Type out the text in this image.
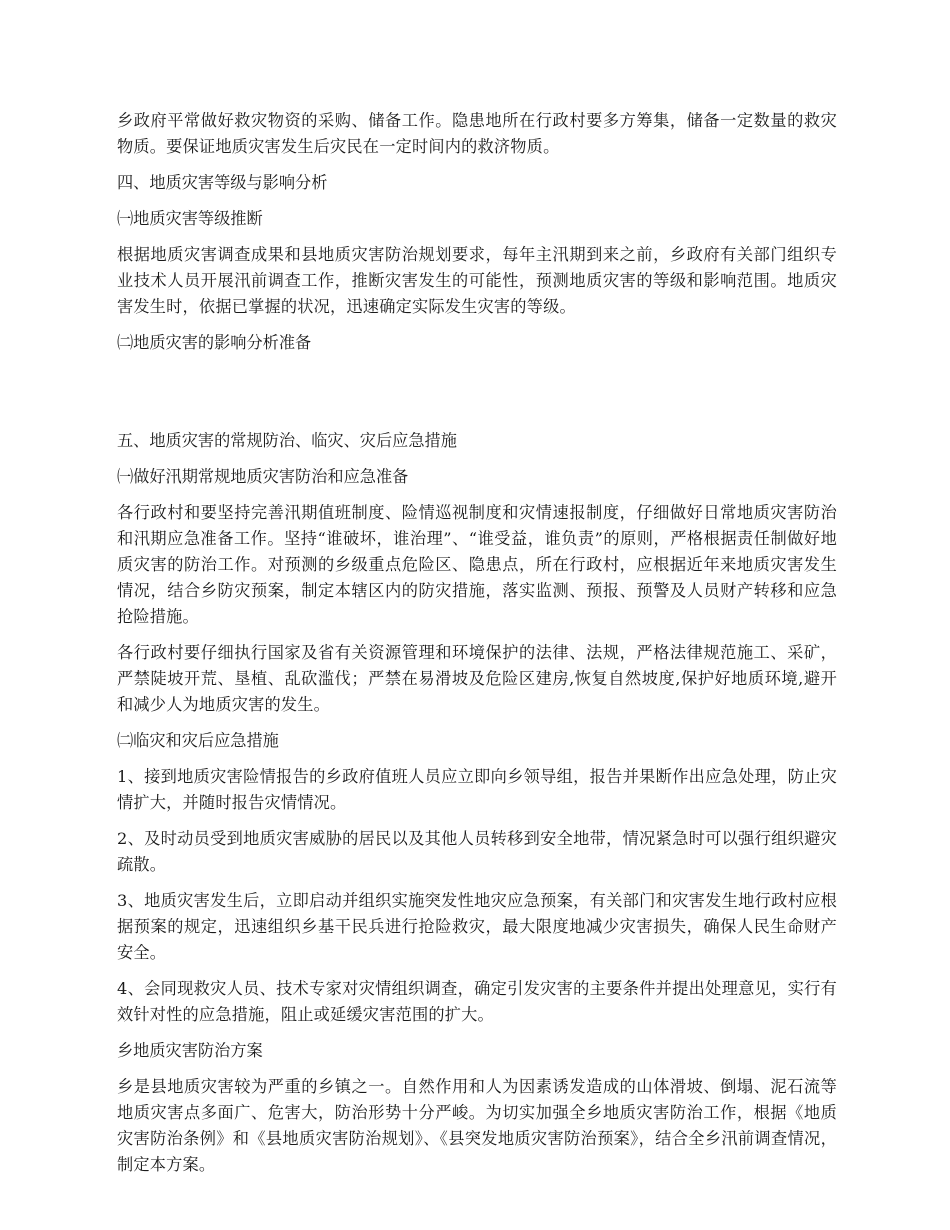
乡政府平常做好救灾物资的采购、储备工作。隐患地所在行政村要多方筹集，储备一定数量的救灾物质。要保证地质灾害发生后灾民在一定时间内的救济物质。

四、地质灾害等级与影响分析

㈠地质灾害等级推断

根据地质灾害调查成果和县地质灾害防治规划要求，每年主汛期到来之前，乡政府有关部门组织专业技术人员开展汛前调查工作，推断灾害发生的可能性，预测地质灾害的等级和影响范围。地质灾害发生时，依据已掌握的状况，迅速确定实际发生灾害的等级。

㈡地质灾害的影响分析准备

五、地质灾害的常规防治、临灾、灾后应急措施

㈠做好汛期常规地质灾害防治和应急准备

各行政村和要坚持完善汛期值班制度、险情巡视制度和灾情速报制度，仔细做好日常地质灾害防治和汛期应急准备工作。坚持“谁破坏，谁治理”、“谁受益，谁负责”的原则，严格根据责任制做好地质灾害的防治工作。对预测的乡级重点危险区、隐患点，所在行政村，应根据近年来地质灾害发生情况，结合乡防灾预案，制定本辖区内的防灾措施，落实监测、预报、预警及人员财产转移和应急抢险措施。

各行政村要仔细执行国家及省有关资源管理和环境保护的法律、法规，严格法律规范施工、采矿，严禁陡坡开荒、垦植、乱砍滥伐；严禁在易滑坡及危险区建房,恢复自然坡度,保护好地质环境,避开和减少人为地质灾害的发生。

㈡临灾和灾后应急措施

1、接到地质灾害险情报告的乡政府值班人员应立即向乡领导组，报告并果断作出应急处理，防止灾情扩大，并随时报告灾情情况。

2、及时动员受到地质灾害威胁的居民以及其他人员转移到安全地带，情况紧急时可以强行组织避灾疏散。

3、地质灾害发生后，立即启动并组织实施突发性地灾应急预案，有关部门和灾害发生地行政村应根据预案的规定，迅速组织乡基干民兵进行抢险救灾，最大限度地减少灾害损失，确保人民生命财产安全。

4、会同现救灾人员、技术专家对灾情组织调查，确定引发灾害的主要条件并提出处理意见，实行有效针对性的应急措施，阻止或延缓灾害范围的扩大。

乡地质灾害防治方案

乡是县地质灾害较为严重的乡镇之一。自然作用和人为因素诱发造成的山体滑坡、倒塌、泥石流等地质灾害点多面广、危害大，防治形势十分严峻。为切实加强全乡地质灾害防治工作，根据《地质灾害防治条例》和《县地质灾害防治规划》、《县突发地质灾害防治预案》，结合全乡汛前调查情况，制定本方案。
